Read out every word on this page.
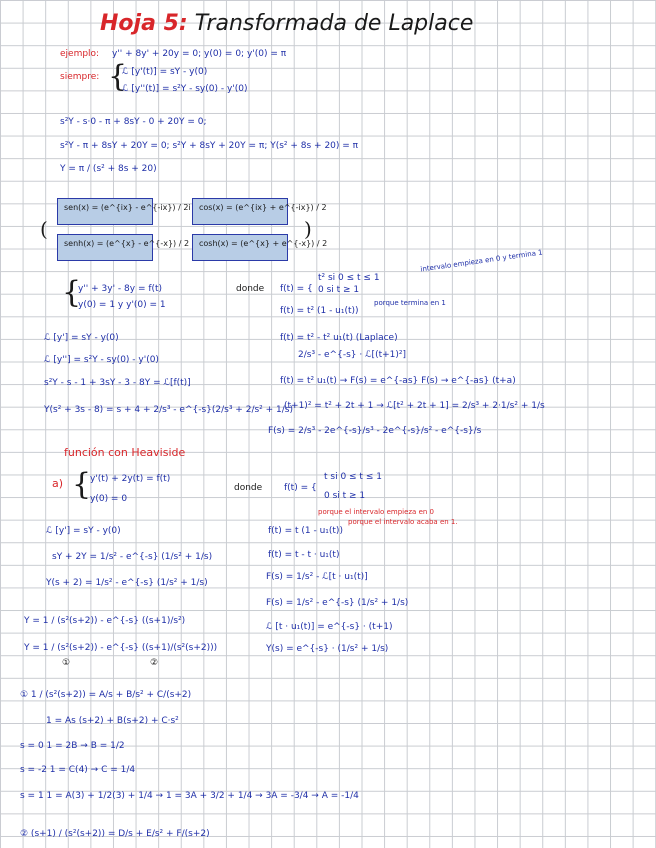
Hoja 5: Transformada de Laplace
ejemplo: y'' + 8y' + 20y = 0; y(0) = 0; y'(0) = π
siempre: {
ℒ [y'(t)] = sY - y(0)
ℒ [y''(t)] = s²Y - sy(0) - y'(0)
s²Y - s·0 - π + 8sY - 0 + 20Y = 0;
s²Y - π + 8sY + 20Y = 0; s²Y + 8sY + 20Y = π; Y(s² + 8s + 20) = π
Y = π / (s² + 8s + 20)
sen(x) = (e^{ix} - e^{-ix}) / 2i	cos(x) = (e^{ix} + e^{-ix}) / 2
senh(x) = (e^{x} - e^{-x}) / 2	cosh(x) = (e^{x} + e^{-x}) / 2
(	)
{
y'' + 3y' - 8y = f(t)
y(0) = 1 y y'(0) = 1
donde f(t) = {
t² si 0 ≤ t ≤ 1
0 si t ≥ 1
intervalo empieza en 0 y termina 1
porque termina en 1
f(t) = t² (1 - u₁(t))
f(t) = t² - t² u₁(t) (Laplace)
2/s³ - e^{-s} · ℒ[(t+1)²]
f(t) = t² u₁(t) → F(s) = e^{-as} F(s) → e^{-as} (t+a)
(t+1)² = t² + 2t + 1 → ℒ[t² + 2t + 1] = 2/s³ + 2·1/s² + 1/s
F(s) = 2/s³ - 2e^{-s}/s³ - 2e^{-s}/s² - e^{-s}/s
ℒ [y'] = sY - y(0)
ℒ [y''] = s²Y - sy(0) - y'(0)
s²Y - s - 1 + 3sY - 3 - 8Y = ℒ[f(t)]
Y(s² + 3s - 8) = s + 4 + 2/s³ - e^{-s}(2/s³ + 2/s² + 1/s)
función con Heaviside
a) {
y'(t) + 2y(t) = f(t)
y(0) = 0
donde f(t) = {
t si 0 ≤ t ≤ 1
0 si t ≥ 1
porque el intervalo empieza en 0
porque el intervalo acaba en 1.
ℒ [y'] = sY - y(0)
sY + 2Y = 1/s² - e^{-s} (1/s² + 1/s)
Y(s + 2) = 1/s² - e^{-s} (1/s² + 1/s)
Y = 1 / (s²(s+2)) - e^{-s} ((s+1)/s²)
Y = 1 / (s²(s+2)) - e^{-s} ((s+1)/(s²(s+2)))
①	②
f(t) = t (1 - u₁(t))
f(t) = t - t · u₁(t)
F(s) = 1/s² - ℒ[t · u₁(t)]
F(s) = 1/s² - e^{-s} (1/s² + 1/s)
ℒ [t · u₁(t)] = e^{-s} · (t+1)
Y(s) = e^{-s} · (1/s² + 1/s)
① 1 / (s²(s+2)) = A/s + B/s² + C/(s+2)
1 = As (s+2) + B(s+2) + C·s²
s = 0 1 = 2B → B = 1/2
s = -2 1 = C(4) → C = 1/4
s = 1 1 = A(3) + 1/2(3) + 1/4 → 1 = 3A + 3/2 + 1/4 → 3A = -3/4 → A = -1/4
② (s+1) / (s²(s+2)) = D/s + E/s² + F/(s+2)
